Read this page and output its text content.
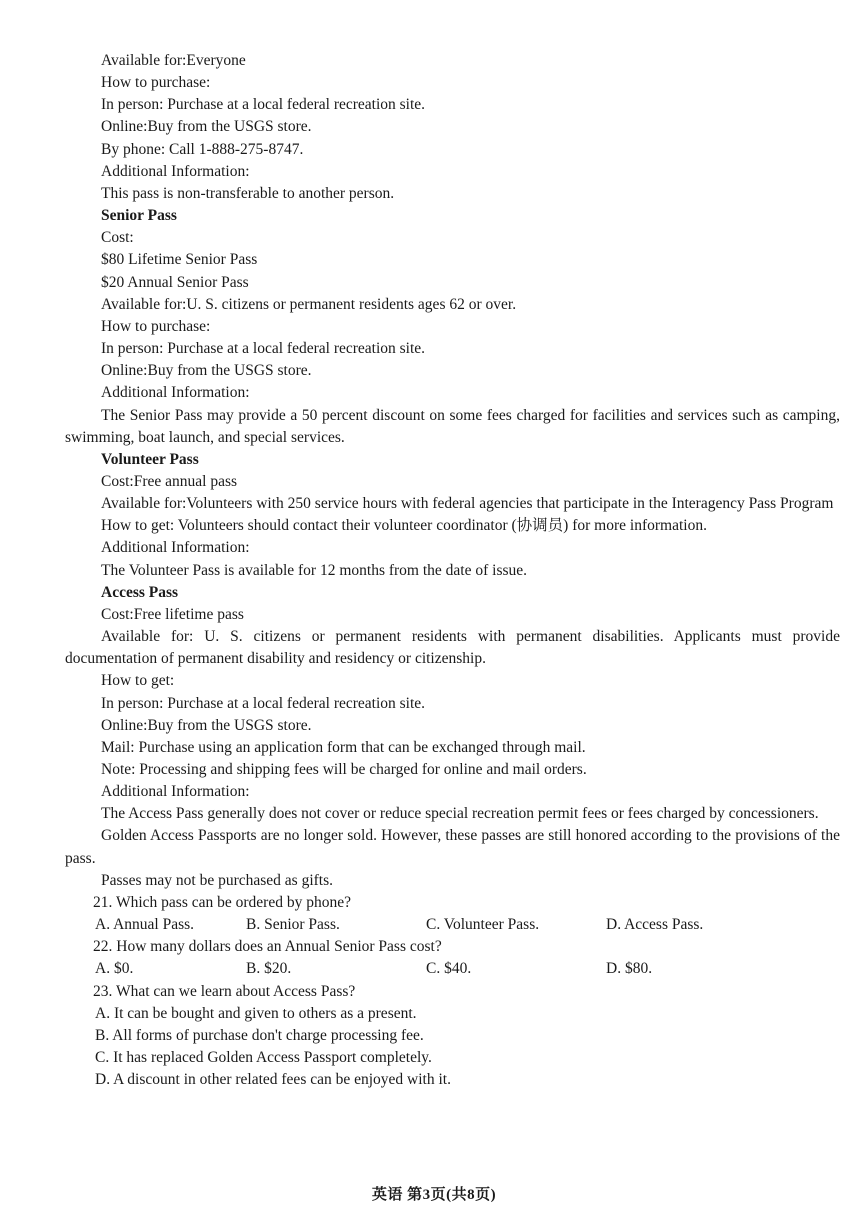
Available for:Everyone
How to purchase:
In person: Purchase at a local federal recreation site.
Online:Buy from the USGS store.
By phone: Call 1-888-275-8747.
Additional Information:
This pass is non-transferable to another person.
Senior Pass
Cost:
$80 Lifetime Senior Pass
$20 Annual Senior Pass
Available for:U. S. citizens or permanent residents ages 62 or over.
How to purchase:
In person: Purchase at a local federal recreation site.
Online:Buy from the USGS store.
Additional Information:
The Senior Pass may provide a 50 percent discount on some fees charged for facilities and services such as camping, swimming, boat launch, and special services.
Volunteer Pass
Cost:Free annual pass
Available for:Volunteers with 250 service hours with federal agencies that participate in the Interagency Pass Program
How to get: Volunteers should contact their volunteer coordinator (协调员) for more information.
Additional Information:
The Volunteer Pass is available for 12 months from the date of issue.
Access Pass
Cost:Free lifetime pass
Available for: U. S. citizens or permanent residents with permanent disabilities. Applicants must provide documentation of permanent disability and residency or citizenship.
How to get:
In person: Purchase at a local federal recreation site.
Online:Buy from the USGS store.
Mail: Purchase using an application form that can be exchanged through mail.
Note: Processing and shipping fees will be charged for online and mail orders.
Additional Information:
The Access Pass generally does not cover or reduce special recreation permit fees or fees charged by concessioners.
Golden Access Passports are no longer sold. However, these passes are still honored according to the provisions of the pass.
Passes may not be purchased as gifts.
21. Which pass can be ordered by phone?
A. Annual Pass.	B. Senior Pass.	C. Volunteer Pass.	D. Access Pass.
22. How many dollars does an Annual Senior Pass cost?
A. $0.	B. $20.	C. $40.	D. $80.
23. What can we learn about Access Pass?
A. It can be bought and given to others as a present.
B. All forms of purchase don't charge processing fee.
C. It has replaced Golden Access Passport completely.
D. A discount in other related fees can be enjoyed with it.
英语 第3页(共8页)
